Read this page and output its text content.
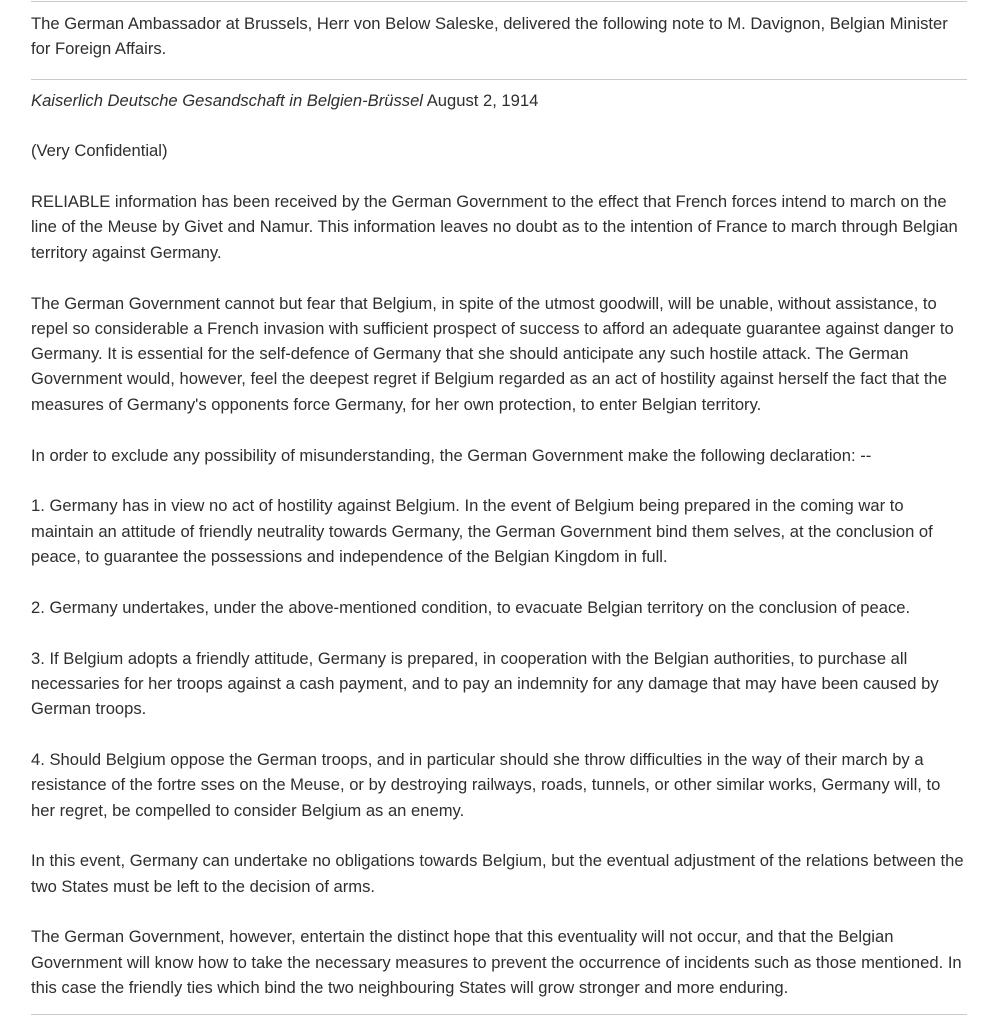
The German Ambassador at Brussels, Herr von Below Saleske, delivered the following note to M. Davignon, Belgian Minister for Foreign Affairs.

Kaiserlich Deutsche Gesandschaft in Belgien-Brüssel August 2, 1914

(Very Confidential)

RELIABLE information has been received by the German Government to the effect that French forces intend to march on the line of the Meuse by Givet and Namur. This information leaves no doubt as to the intention of France to march through Belgian territory against Germany.

The German Government cannot but fear that Belgium, in spite of the utmost goodwill, will be unable, without assistance, to repel so considerable a French invasion with sufficient prospect of success to afford an adequate guarantee against danger to Germany. It is essential for the self-defence of Germany that she should anticipate any such hostile attack. The German Government would, however, feel the deepest regret if Belgium regarded as an act of hostility against herself the fact that the measures of Germany's opponents force Germany, for her own protection, to enter Belgian territory.

In order to exclude any possibility of misunderstanding, the German Government make the following declaration: --

1. Germany has in view no act of hostility against Belgium. In the event of Belgium being prepared in the coming war to maintain an attitude of friendly neutrality towards Germany, the German Government bind them selves, at the conclusion of peace, to guarantee the possessions and independence of the Belgian Kingdom in full.

2. Germany undertakes, under the above-mentioned condition, to evacuate Belgian territory on the conclusion of peace.

3. If Belgium adopts a friendly attitude, Germany is prepared, in cooperation with the Belgian authorities, to purchase all necessaries for her troops against a cash payment, and to pay an indemnity for any damage that may have been caused by German troops.

4. Should Belgium oppose the German troops, and in particular should she throw difficulties in the way of their march by a resistance of the fortre sses on the Meuse, or by destroying railways, roads, tunnels, or other similar works, Germany will, to her regret, be compelled to consider Belgium as an enemy.

In this event, Germany can undertake no obligations towards Belgium, but the eventual adjustment of the relations between the two States must be left to the decision of arms.

The German Government, however, entertain the distinct hope that this eventuality will not occur, and that the Belgian Government will know how to take the necessary measures to prevent the occurrence of incidents such as those mentioned. In this case the friendly ties which bind the two neighbouring States will grow stronger and more enduring.
